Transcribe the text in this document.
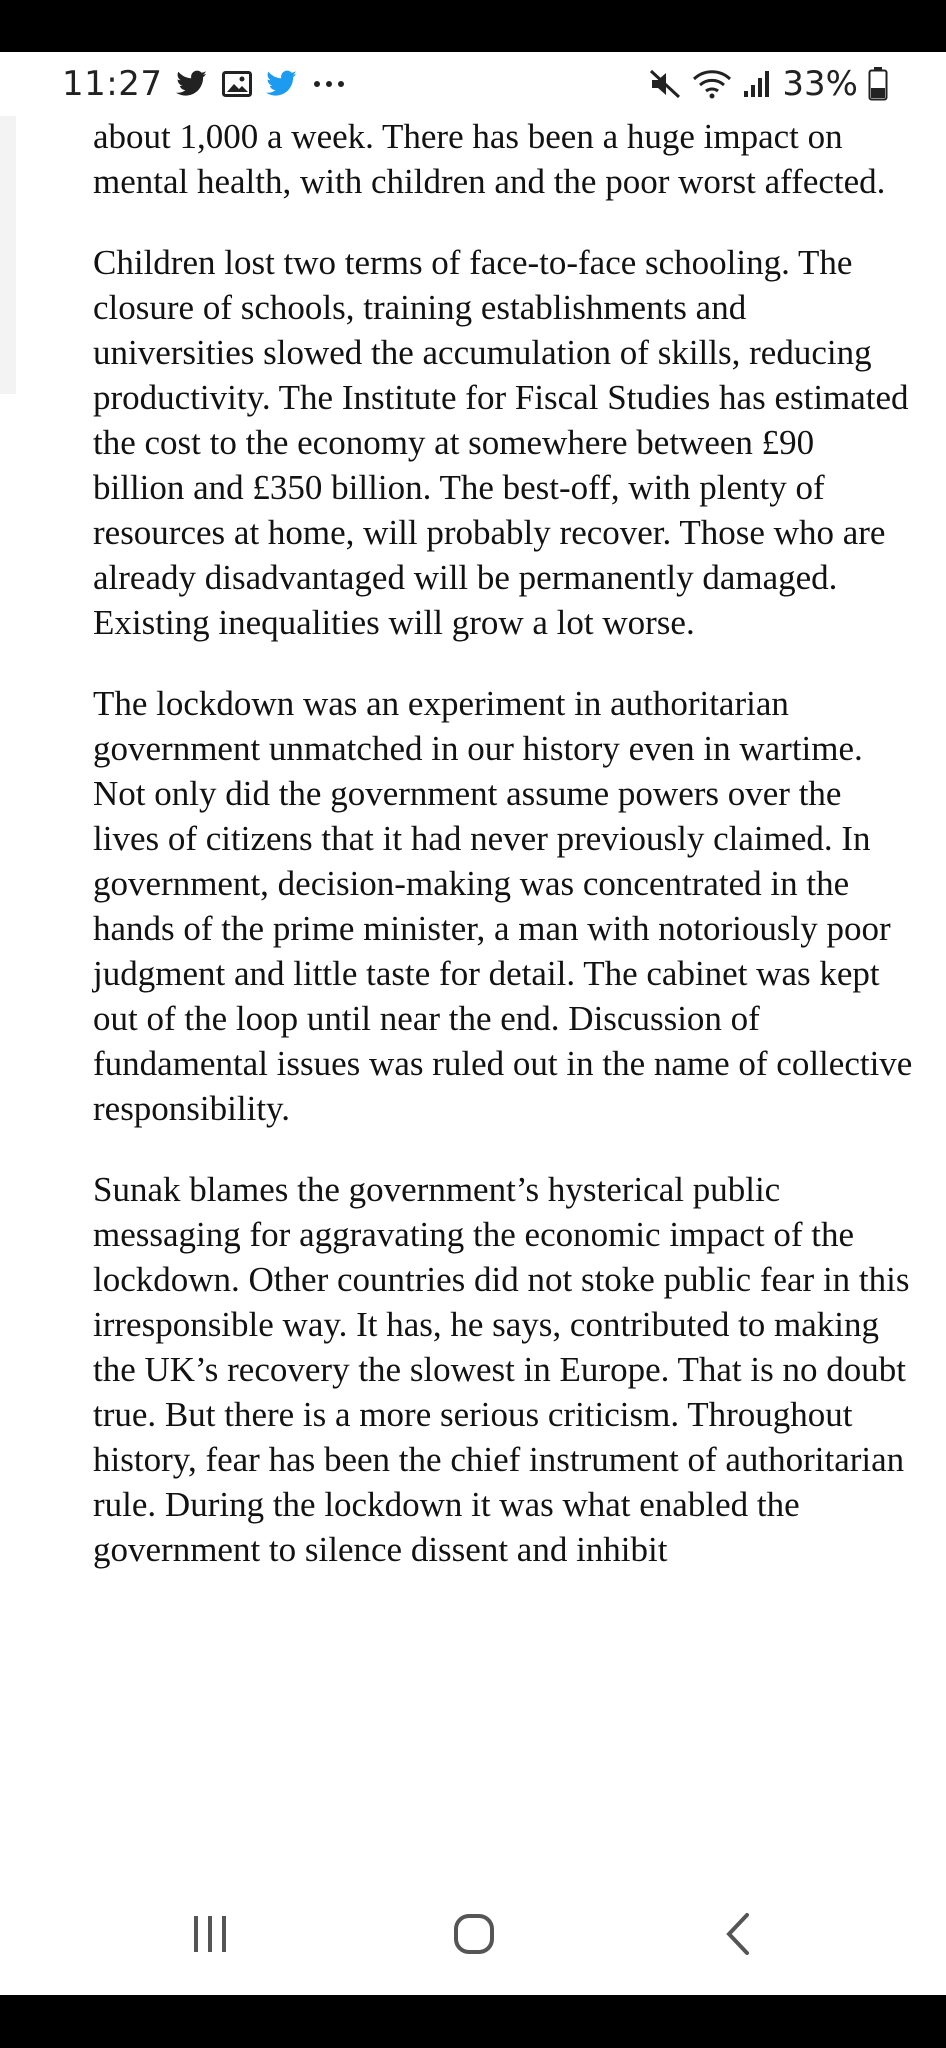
11:27	33%

about 1,000 a week. There has been a huge impact on mental health, with children and the poor worst affected.

Children lost two terms of face-to-face schooling. The closure of schools, training establishments and universities slowed the accumulation of skills, reducing productivity. The Institute for Fiscal Studies has estimated the cost to the economy at somewhere between £90 billion and £350 billion. The best-off, with plenty of resources at home, will probably recover. Those who are already disadvantaged will be permanently damaged. Existing inequalities will grow a lot worse.

The lockdown was an experiment in authoritarian government unmatched in our history even in wartime. Not only did the government assume powers over the lives of citizens that it had never previously claimed. In government, decision-making was concentrated in the hands of the prime minister, a man with notoriously poor judgment and little taste for detail. The cabinet was kept out of the loop until near the end. Discussion of fundamental issues was ruled out in the name of collective responsibility.

Sunak blames the government’s hysterical public messaging for aggravating the economic impact of the lockdown. Other countries did not stoke public fear in this irresponsible way. It has, he says, contributed to making the UK’s recovery the slowest in Europe. That is no doubt true. But there is a more serious criticism. Throughout history, fear has been the chief instrument of authoritarian rule. During the lockdown it was what enabled the government to silence dissent and inhibit
